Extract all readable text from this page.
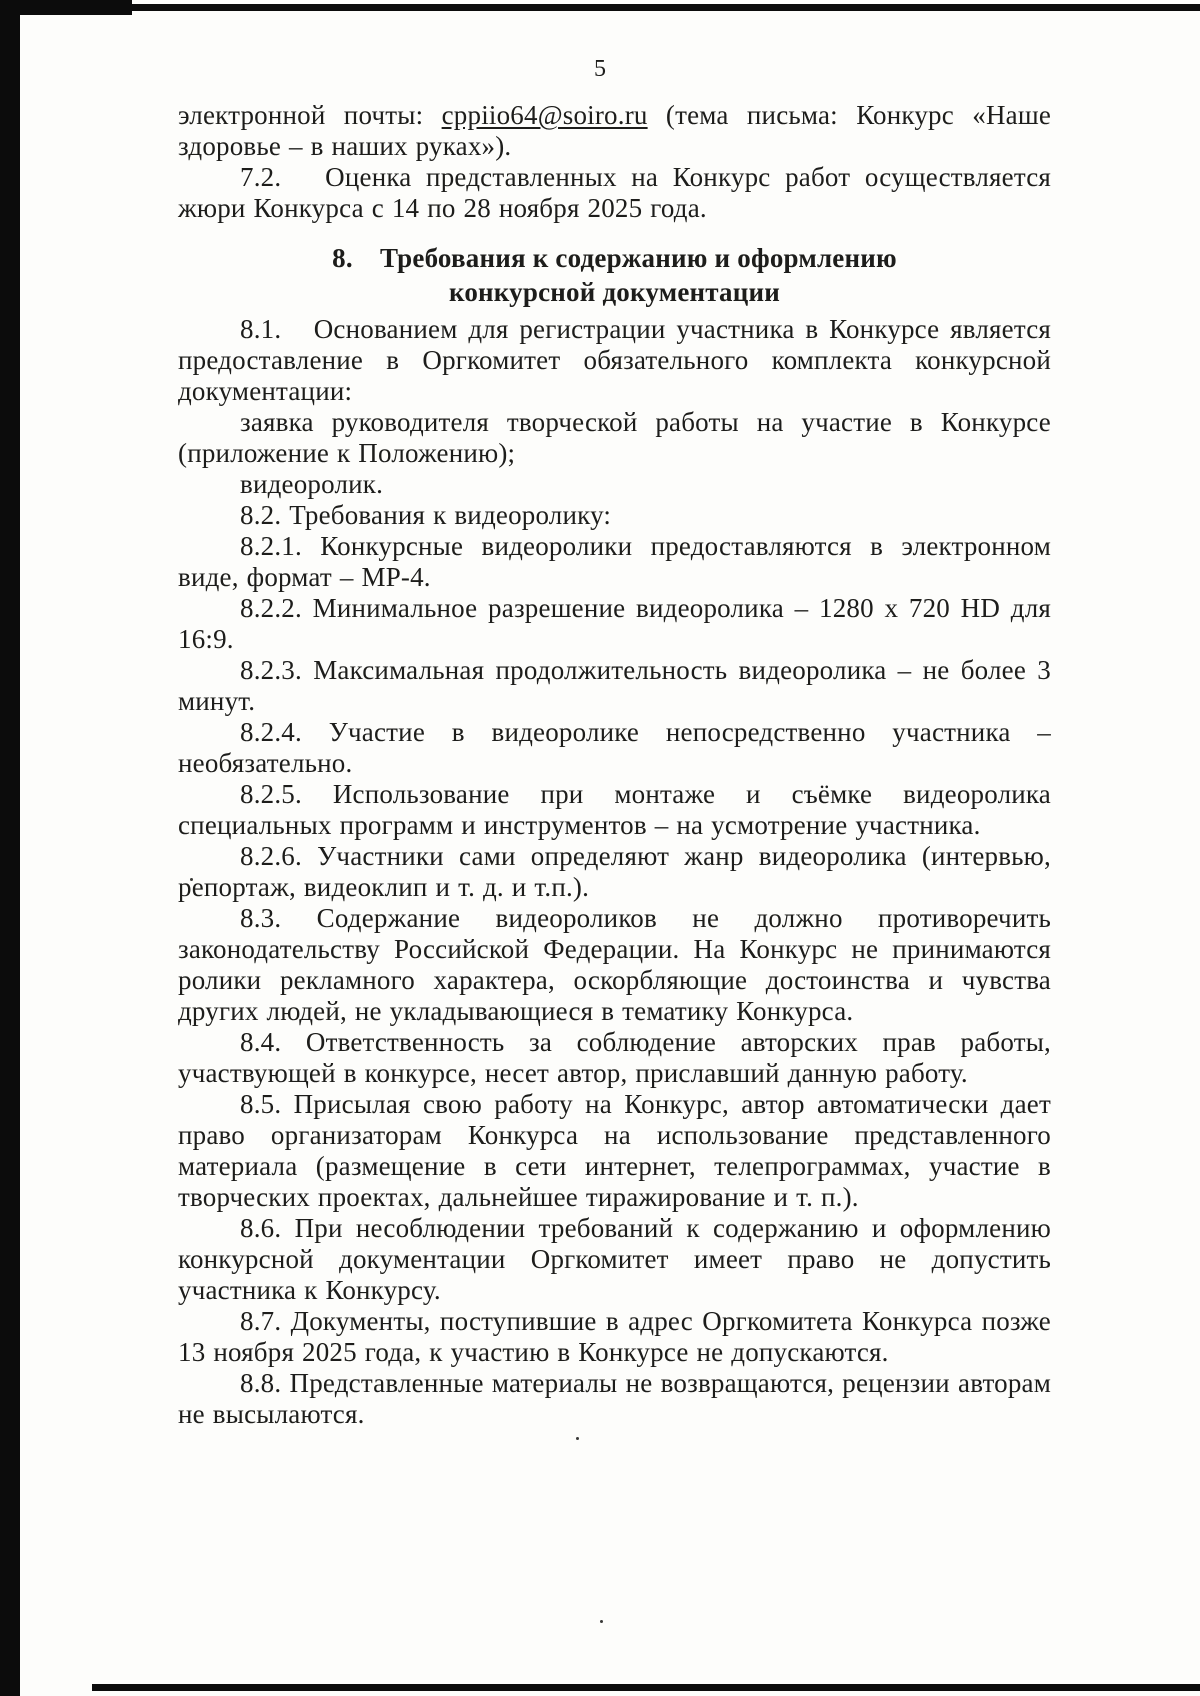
5

электронной почты: cppiio64@soiro.ru (тема письма: Конкурс «Наше здоровье – в наших руках»).

7.2.   Оценка представленных на Конкурс работ осуществляется жюри Конкурса с 14 по 28 ноября 2025 года.

8. Требования к содержанию и оформлению
конкурсной документации

8.1.   Основанием для регистрации участника в Конкурсе является предоставление в Оргкомитет обязательного комплекта конкурсной документации:

заявка руководителя творческой работы на участие в Конкурсе (приложение к Положению);

видеоролик.

8.2. Требования к видеоролику:

8.2.1. Конкурсные видеоролики предоставляются в электронном виде, формат – МР-4.

8.2.2. Минимальное разрешение видеоролика – 1280 х 720 HD для 16:9.

8.2.3. Максимальная продолжительность видеоролика – не более 3 минут.

8.2.4. Участие в видеоролике непосредственно участника – необязательно.

8.2.5. Использование при монтаже и съёмке видеоролика специальных программ и инструментов – на усмотрение участника.

8.2.6. Участники сами определяют жанр видеоролика (интервью, репортаж, видеоклип и т. д. и т.п.).

8.3. Содержание видеороликов не должно противоречить законодательству Российской Федерации. На Конкурс не принимаются ролики рекламного характера, оскорбляющие достоинства и чувства других людей, не укладывающиеся в тематику Конкурса.

8.4. Ответственность за соблюдение авторских прав работы, участвующей в конкурсе, несет автор, приславший данную работу.

8.5. Присылая свою работу на Конкурс, автор автоматически дает право организаторам Конкурса на использование представленного материала (размещение в сети интернет, телепрограммах, участие в творческих проектах, дальнейшее тиражирование и т. п.).

8.6. При несоблюдении требований к содержанию и оформлению конкурсной документации Оргкомитет имеет право не допустить участника к Конкурсу.

8.7. Документы, поступившие в адрес Оргкомитета Конкурса позже 13 ноября 2025 года, к участию в Конкурсе не допускаются.

8.8. Представленные материалы не возвращаются, рецензии авторам не высылаются.
